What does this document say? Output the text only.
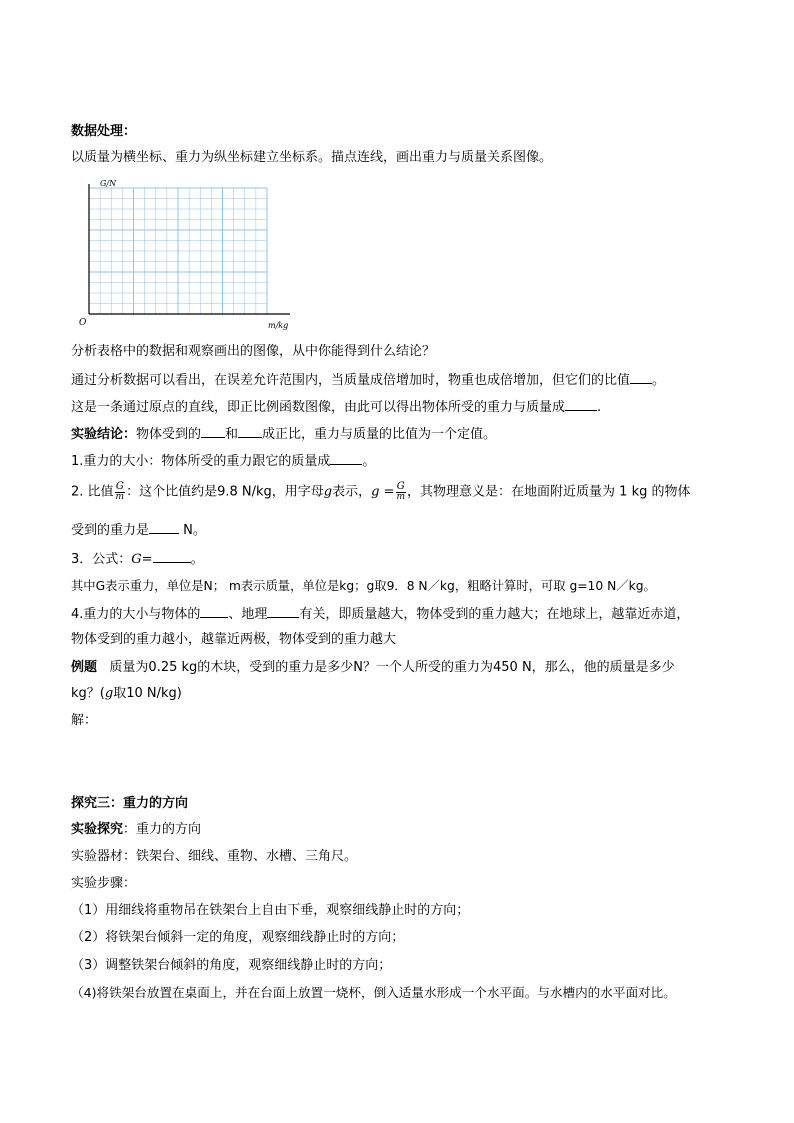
数据处理：
以质量为横坐标、重力为纵坐标建立坐标系。描点连线，画出重力与质量关系图像。
G/N
m/kg
O
分析表格中的数据和观察画出的图像，从中你能得到什么结论？
通过分析数据可以看出，在误差允许范围内，当质量成倍增加时，物重也成倍增加，但它们的比值 。
这是一条通过原点的直线，即正比例函数图像，由此可以得出物体所受的重力与质量成 .
实验结论：物体受到的 和 成正比，重力与质量的比值为一个定值。
1.重力的大小：物体所受的重力跟它的质量成 。
2. 比值 $\frac{G}{m}$ ：这个比值约是9.8 N/kg，用字母g表示，$g = \frac{G}{m}$ ，其物理意义是：在地面附近质量为 1 kg 的物体
受到的重力是 N。
3．公式：G=	。
其中G表示重力，单位是N； m表示质量，单位是kg；g取9．8 N／kg，粗略计算时，可取 g=10 N／kg。
4.重力的大小与物体的 、地理 有关，即质量越大，物体受到的重力越大；在地球上，越靠近赤道，
物体受到的重力越小，越靠近两极，物体受到的重力越大
例题 质量为0.25 kg的木块，受到的重力是多少N？一个人所受的重力为450 N，那么，他的质量是多少
kg？(g取10 N/kg)
解：
探究三：重力的方向
实验探究：重力的方向
实验器材：铁架台、细线、重物、水槽、三角尺。
实验步骤：
（1）用细线将重物吊在铁架台上自由下垂，观察细线静止时的方向；
（2）将铁架台倾斜一定的角度，观察细线静止时的方向；
（3）调整铁架台倾斜的角度，观察细线静止时的方向；
（4)将铁架台放置在桌面上，并在台面上放置一烧杯，倒入适量水形成一个水平面。与水槽内的水平面对比。
